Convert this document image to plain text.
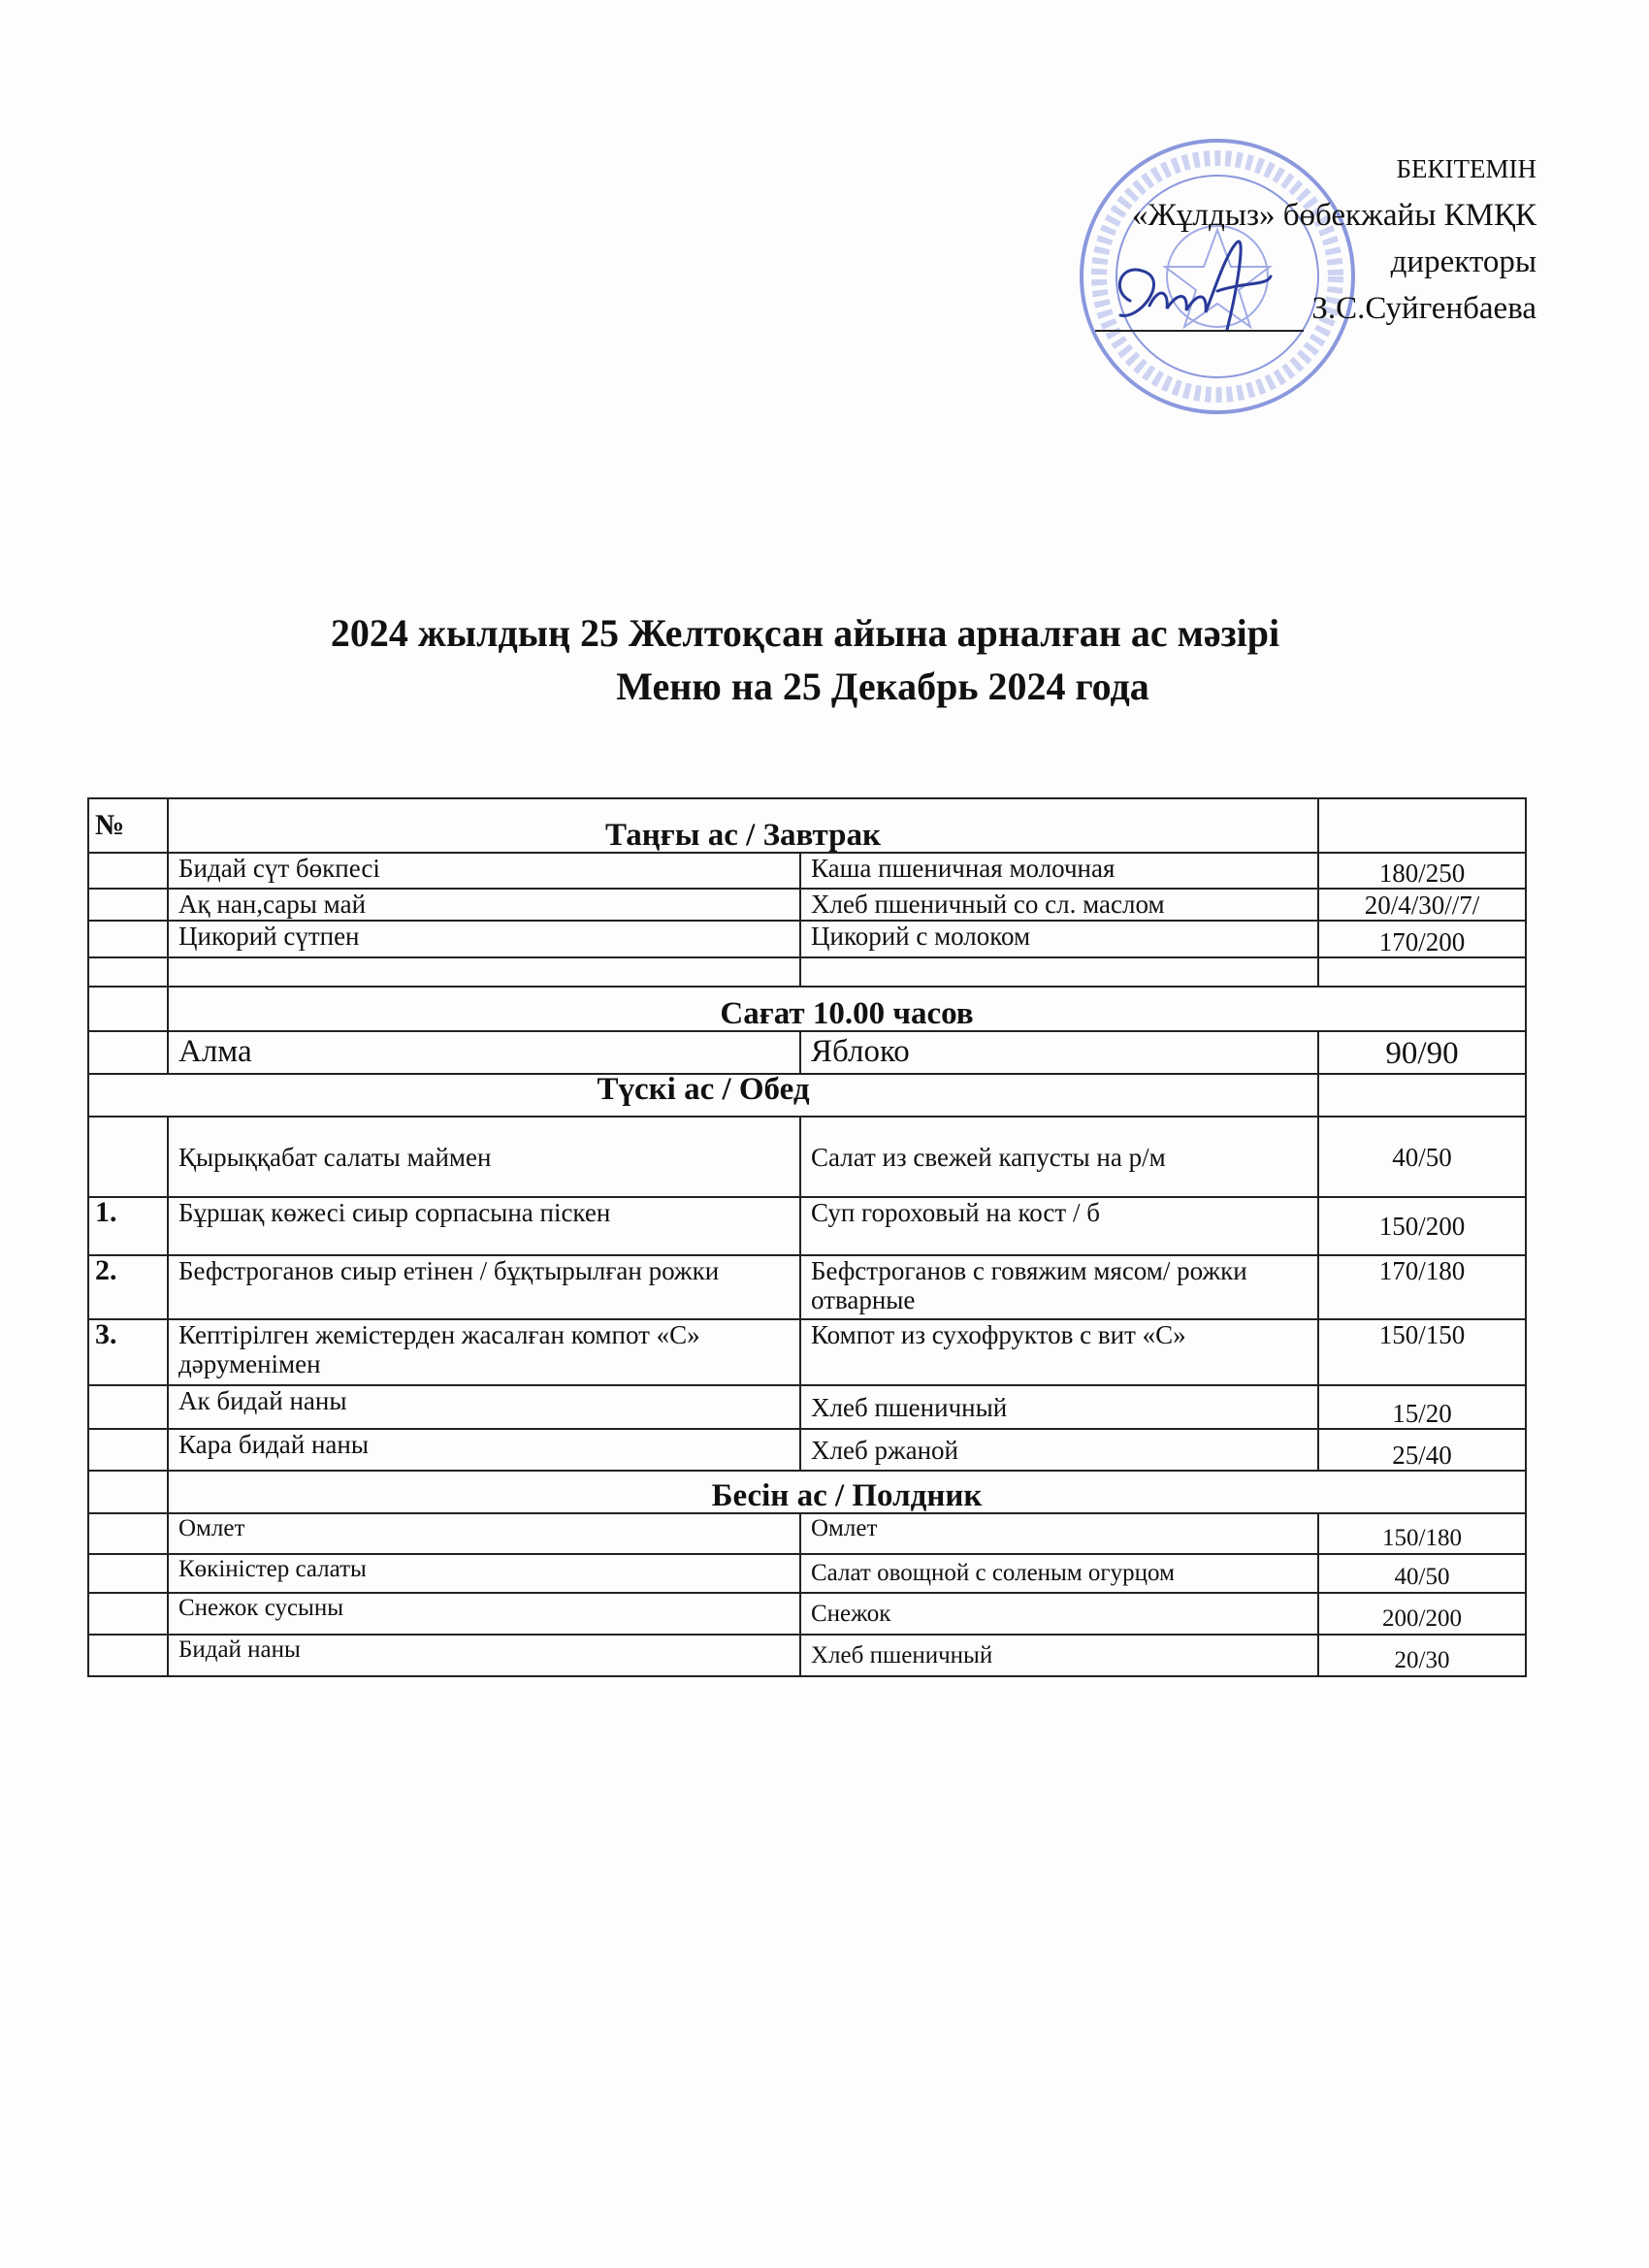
БЕКІТЕМІН
«Жұлдыз» бөбекжайы КМҚК
директоры
З.С.Суйгенбаева
2024 жылдың 25 Желтоқсан айына арналған ас мәзірі
Меню на 25 Декабрь 2024 года
№	Таңғы ас / Завтрак		
	Бидай сүт бөкпесі	Каша пшеничная молочная	180/250
	Ақ нан,сары май	Хлеб пшеничный со сл. маслом	20/4/30//7/
	Цикорий сүтпен	Цикорий с молоком	170/200

	Сағат 10.00 часов		
	Алма	Яблоко	90/90
Түскі ас / Обед			
	Қырыққабат салаты маймен	Салат из свежей капусты на р/м	40/50
1.	Бұршақ көжесі сиыр сорпасына піскен	Суп гороховый на кост / б	150/200
2.	Бефстроганов сиыр етінен / бұқтырылған рожки	Бефстроганов с говяжим мясом/ рожки отварные	170/180
3.	Кептірілген жемістерден жасалған компот «С» дәруменімен	Компот из сухофруктов с вит «С»	150/150
	Ак бидай наны	Хлеб пшеничный	15/20
	Кара бидай наны	Хлеб ржаной	25/40
	Бесін ас / Полдник		
	Омлет	Омлет	150/180
	Көкіністер салаты	Салат овощной с соленым огурцом	40/50
	Снежок сусыны	Снежок	200/200
	Бидай наны	Хлеб пшеничный	20/30
